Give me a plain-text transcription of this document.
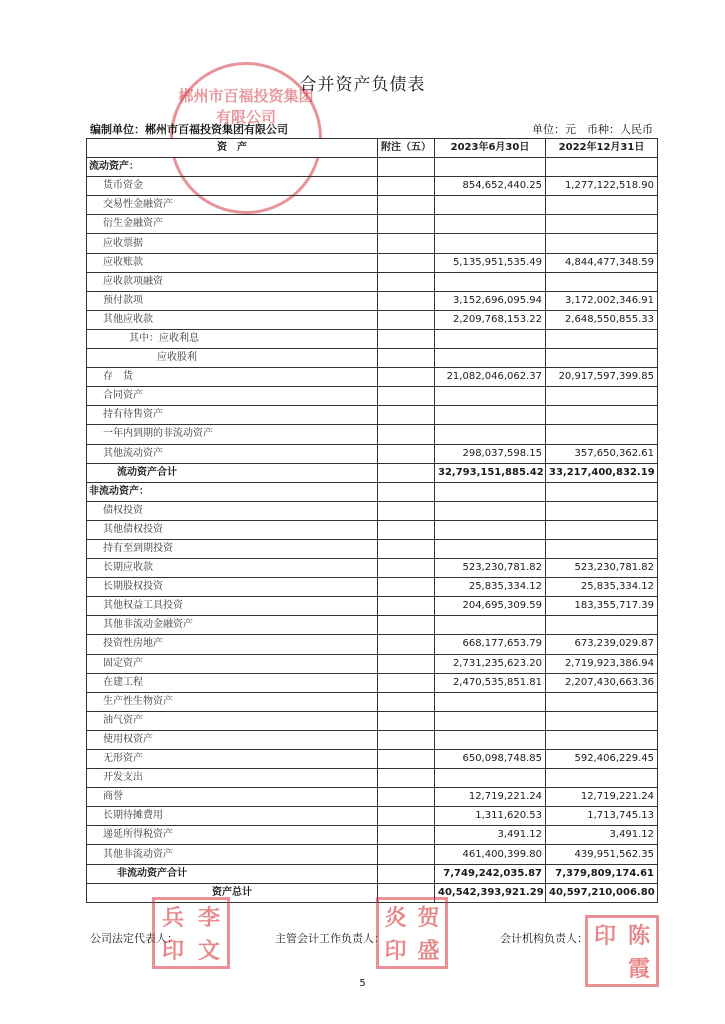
郴州市百福投资集团有限公司
合并资产负债表
编制单位：郴州市百福投资集团有限公司	单位：元　币种：人民币
资　产	附注（五）	2023年6月30日	2022年12月31日
流动资产：			
货币资金		854,652,440.25	1,277,122,518.90
交易性金融资产			
衍生金融资产			
应收票据			
应收账款		5,135,951,535.49	4,844,477,348.59
应收款项融资			
预付款项		3,152,696,095.94	3,172,002,346.91
其他应收款		2,209,768,153.22	2,648,550,855.33
其中：应收利息			
应收股利			
存　货		21,082,046,062.37	20,917,597,399.85
合同资产			
持有待售资产			
一年内到期的非流动资产			
其他流动资产		298,037,598.15	357,650,362.61
流动资产合计		32,793,151,885.42	33,217,400,832.19
非流动资产：			
债权投资			
其他债权投资			
持有至到期投资			
长期应收款		523,230,781.82	523,230,781.82
长期股权投资		25,835,334.12	25,835,334.12
其他权益工具投资		204,695,309.59	183,355,717.39
其他非流动金融资产			
投资性房地产		668,177,653.79	673,239,029.87
固定资产		2,731,235,623.20	2,719,923,386.94
在建工程		2,470,535,851.81	2,207,430,663.36
生产性生物资产			
油气资产			
使用权资产			
无形资产		650,098,748.85	592,406,229.45
开发支出			
商誉		12,719,221.24	12,719,221.24
长期待摊费用		1,311,620.53	1,713,745.13
递延所得税资产		3,491.12	3,491.12
其他非流动资产		461,400,399.80	439,951,562.35
非流动资产合计		7,749,242,035.87	7,379,809,174.61
资产总计		40,542,393,921.29	40,597,210,006.80
公司法定代表人：	主管会计工作负责人：	会计机构负责人：
兵 李
印 文
炎 贺
印 盛
印 陈
霞
5
